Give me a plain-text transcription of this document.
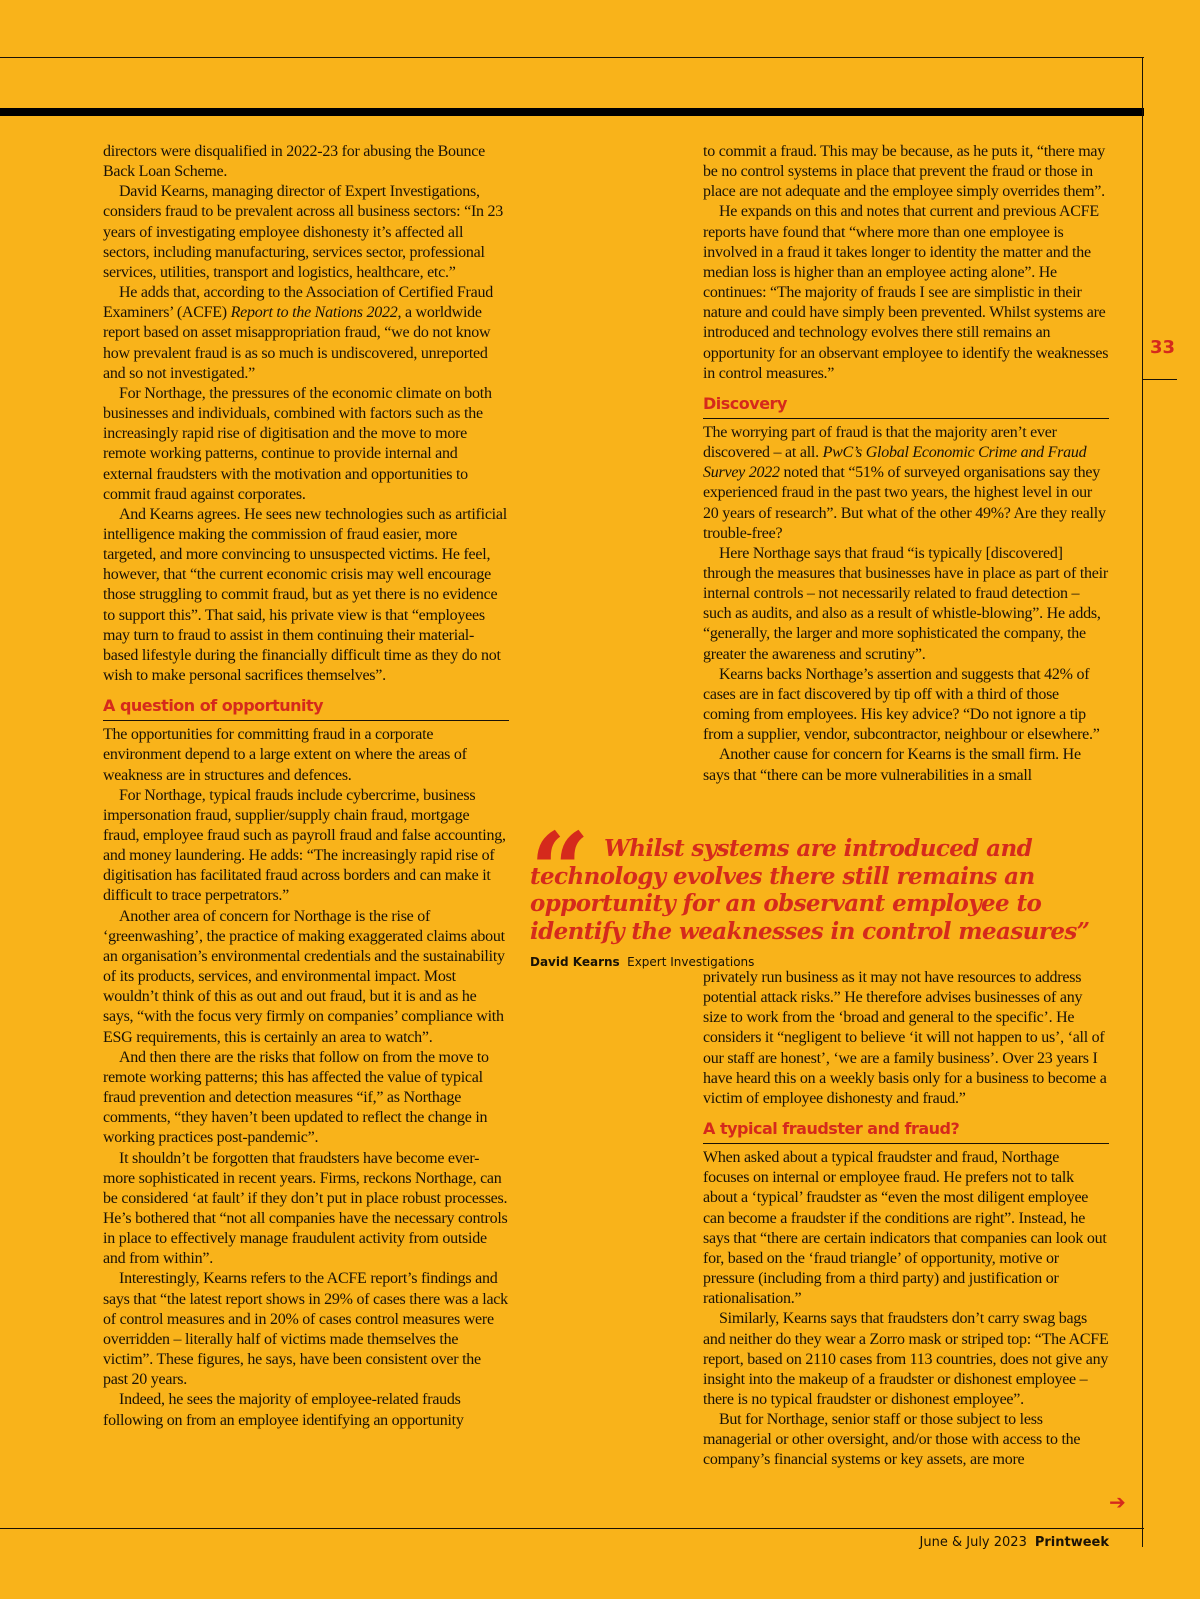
33

directors were disqualified in 2022-23 for abusing the Bounce Back Loan Scheme.

David Kearns, managing director of Expert Investigations, considers fraud to be prevalent across all business sectors: “In 23 years of investigating employee dishonesty it’s affected all sectors, including manufacturing, services sector, professional services, utilities, transport and logistics, healthcare, etc.”

He adds that, according to the Association of Certified Fraud Examiners’ (ACFE) Report to the Nations 2022, a worldwide report based on asset misappropriation fraud, “we do not know how prevalent fraud is as so much is undiscovered, unreported and so not investigated.”

For Northage, the pressures of the economic climate on both businesses and individuals, combined with factors such as the increasingly rapid rise of digitisation and the move to more remote working patterns, continue to provide internal and external fraudsters with the motivation and opportunities to commit fraud against corporates.

And Kearns agrees. He sees new technologies such as artificial intelligence making the commission of fraud easier, more targeted, and more convincing to unsuspected victims. He feel, however, that “the current economic crisis may well encourage those struggling to commit fraud, but as yet there is no evidence to support this”. That said, his private view is that “employees may turn to fraud to assist in them continuing their material-based lifestyle during the financially difficult time as they do not wish to make personal sacrifices themselves”.

A question of opportunity

The opportunities for committing fraud in a corporate environment depend to a large extent on where the areas of weakness are in structures and defences.

For Northage, typical frauds include cybercrime, business impersonation fraud, supplier/supply chain fraud, mortgage fraud, employee fraud such as payroll fraud and false accounting, and money laundering. He adds: “The increasingly rapid rise of digitisation has facilitated fraud across borders and can make it difficult to trace perpetrators.”

Another area of concern for Northage is the rise of ‘greenwashing’, the practice of making exaggerated claims about an organisation’s environmental credentials and the sustainability of its products, services, and environmental impact. Most wouldn’t think of this as out and out fraud, but it is and as he says, “with the focus very firmly on companies’ compliance with ESG requirements, this is certainly an area to watch”.

And then there are the risks that follow on from the move to remote working patterns; this has affected the value of typical fraud prevention and detection measures “if,” as Northage comments, “they haven’t been updated to reflect the change in working practices post-pandemic”.

It shouldn’t be forgotten that fraudsters have become ever-more sophisticated in recent years. Firms, reckons Northage, can be considered ‘at fault’ if they don’t put in place robust processes. He’s bothered that “not all companies have the necessary controls in place to effectively manage fraudulent activity from outside and from within”.

Interestingly, Kearns refers to the ACFE report’s findings and says that “the latest report shows in 29% of cases there was a lack of control measures and in 20% of cases control measures were overridden – literally half of victims made themselves the victim”. These figures, he says, have been consistent over the past 20 years.

Indeed, he sees the majority of employee-related frauds following on from an employee identifying an opportunity

to commit a fraud. This may be because, as he puts it, “there may be no control systems in place that prevent the fraud or those in place are not adequate and the employee simply overrides them”.

He expands on this and notes that current and previous ACFE reports have found that “where more than one employee is involved in a fraud it takes longer to identity the matter and the median loss is higher than an employee acting alone”. He continues: “The majority of frauds I see are simplistic in their nature and could have simply been prevented. Whilst systems are introduced and technology evolves there still remains an opportunity for an observant employee to identify the weaknesses in control measures.”

Discovery

The worrying part of fraud is that the majority aren’t ever discovered – at all. PwC’s Global Economic Crime and Fraud Survey 2022 noted that “51% of surveyed organisations say they experienced fraud in the past two years, the highest level in our 20 years of research”. But what of the other 49%? Are they really trouble-free?

Here Northage says that fraud “is typically [discovered] through the measures that businesses have in place as part of their internal controls – not necessarily related to fraud detection – such as audits, and also as a result of whistle-blowing”. He adds, “generally, the larger and more sophisticated the company, the greater the awareness and scrutiny”.

Kearns backs Northage’s assertion and suggests that 42% of cases are in fact discovered by tip off with a third of those coming from employees. His key advice? “Do not ignore a tip from a supplier, vendor, subcontractor, neighbour or elsewhere.”

Another cause for concern for Kearns is the small firm. He says that “there can be more vulnerabilities in a small

“ Whilst systems are introduced and technology evolves there still remains an opportunity for an observant employee to identify the weaknesses in control measures” David Kearns Expert Investigations

privately run business as it may not have resources to address potential attack risks.” He therefore advises businesses of any size to work from the ‘broad and general to the specific’. He considers it “negligent to believe ‘it will not happen to us’, ‘all of our staff are honest’, ‘we are a family business’. Over 23 years I have heard this on a weekly basis only for a business to become a victim of employee dishonesty and fraud.”

A typical fraudster and fraud?

When asked about a typical fraudster and fraud, Northage focuses on internal or employee fraud. He prefers not to talk about a ‘typical’ fraudster as “even the most diligent employee can become a fraudster if the conditions are right”. Instead, he says that “there are certain indicators that companies can look out for, based on the ‘fraud triangle’ of opportunity, motive or pressure (including from a third party) and justification or rationalisation.”

Similarly, Kearns says that fraudsters don’t carry swag bags and neither do they wear a Zorro mask or striped top: “The ACFE report, based on 2110 cases from 113 countries, does not give any insight into the makeup of a fraudster or dishonest employee – there is no typical fraudster or dishonest employee”.

But for Northage, senior staff or those subject to less managerial or other oversight, and/or those with access to the company’s financial systems or key assets, are more

➔
June & July 2023 Printweek
